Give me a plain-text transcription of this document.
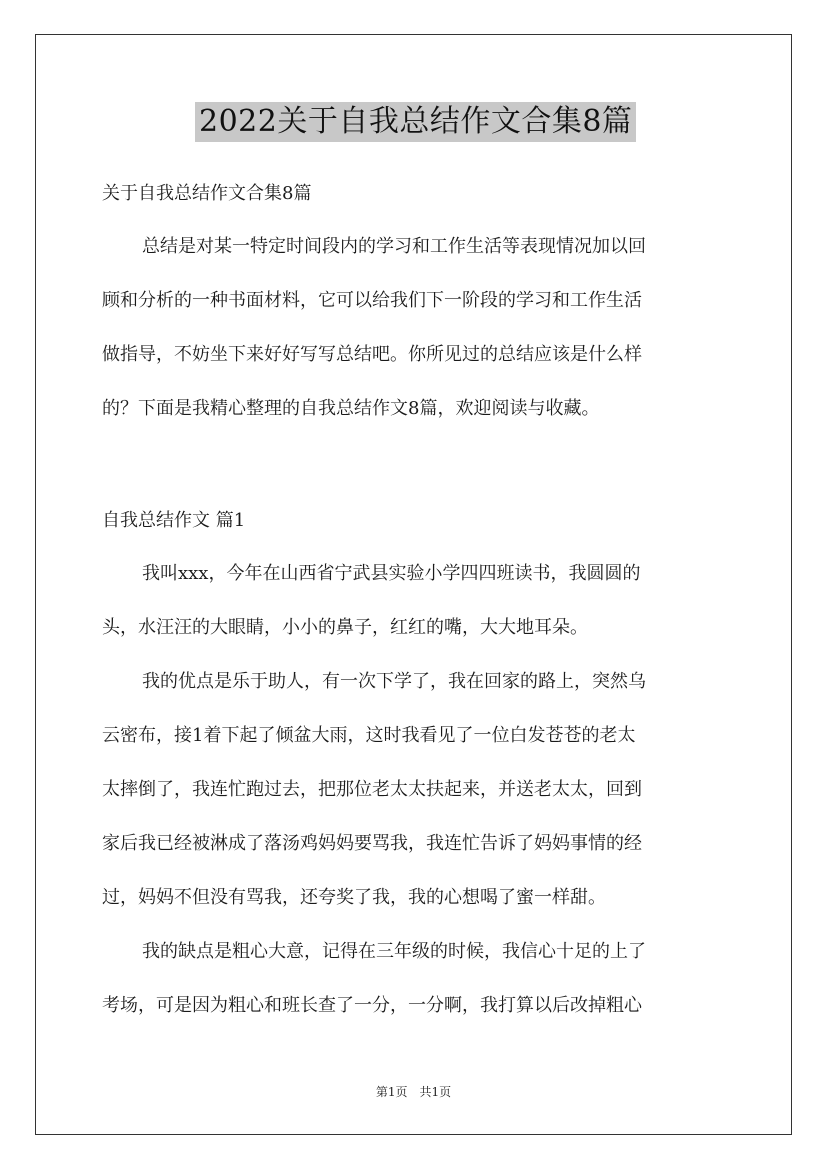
2022关于自我总结作文合集8篇
关于自我总结作文合集8篇
总结是对某一特定时间段内的学习和工作生活等表现情况加以回
顾和分析的一种书面材料，它可以给我们下一阶段的学习和工作生活
做指导，不妨坐下来好好写写总结吧。你所见过的总结应该是什么样
的？下面是我精心整理的自我总结作文8篇，欢迎阅读与收藏。
自我总结作文 篇1
我叫xxx，今年在山西省宁武县实验小学四四班读书，我圆圆的
头，水汪汪的大眼睛，小小的鼻子，红红的嘴，大大地耳朵。
我的优点是乐于助人，有一次下学了，我在回家的路上，突然乌
云密布，接1着下起了倾盆大雨，这时我看见了一位白发苍苍的老太
太摔倒了，我连忙跑过去，把那位老太太扶起来，并送老太太，回到
家后我已经被淋成了落汤鸡妈妈要骂我，我连忙告诉了妈妈事情的经
过，妈妈不但没有骂我，还夸奖了我，我的心想喝了蜜一样甜。
我的缺点是粗心大意，记得在三年级的时候，我信心十足的上了
考场，可是因为粗心和班长查了一分，一分啊，我打算以后改掉粗心
第1页 共1页
